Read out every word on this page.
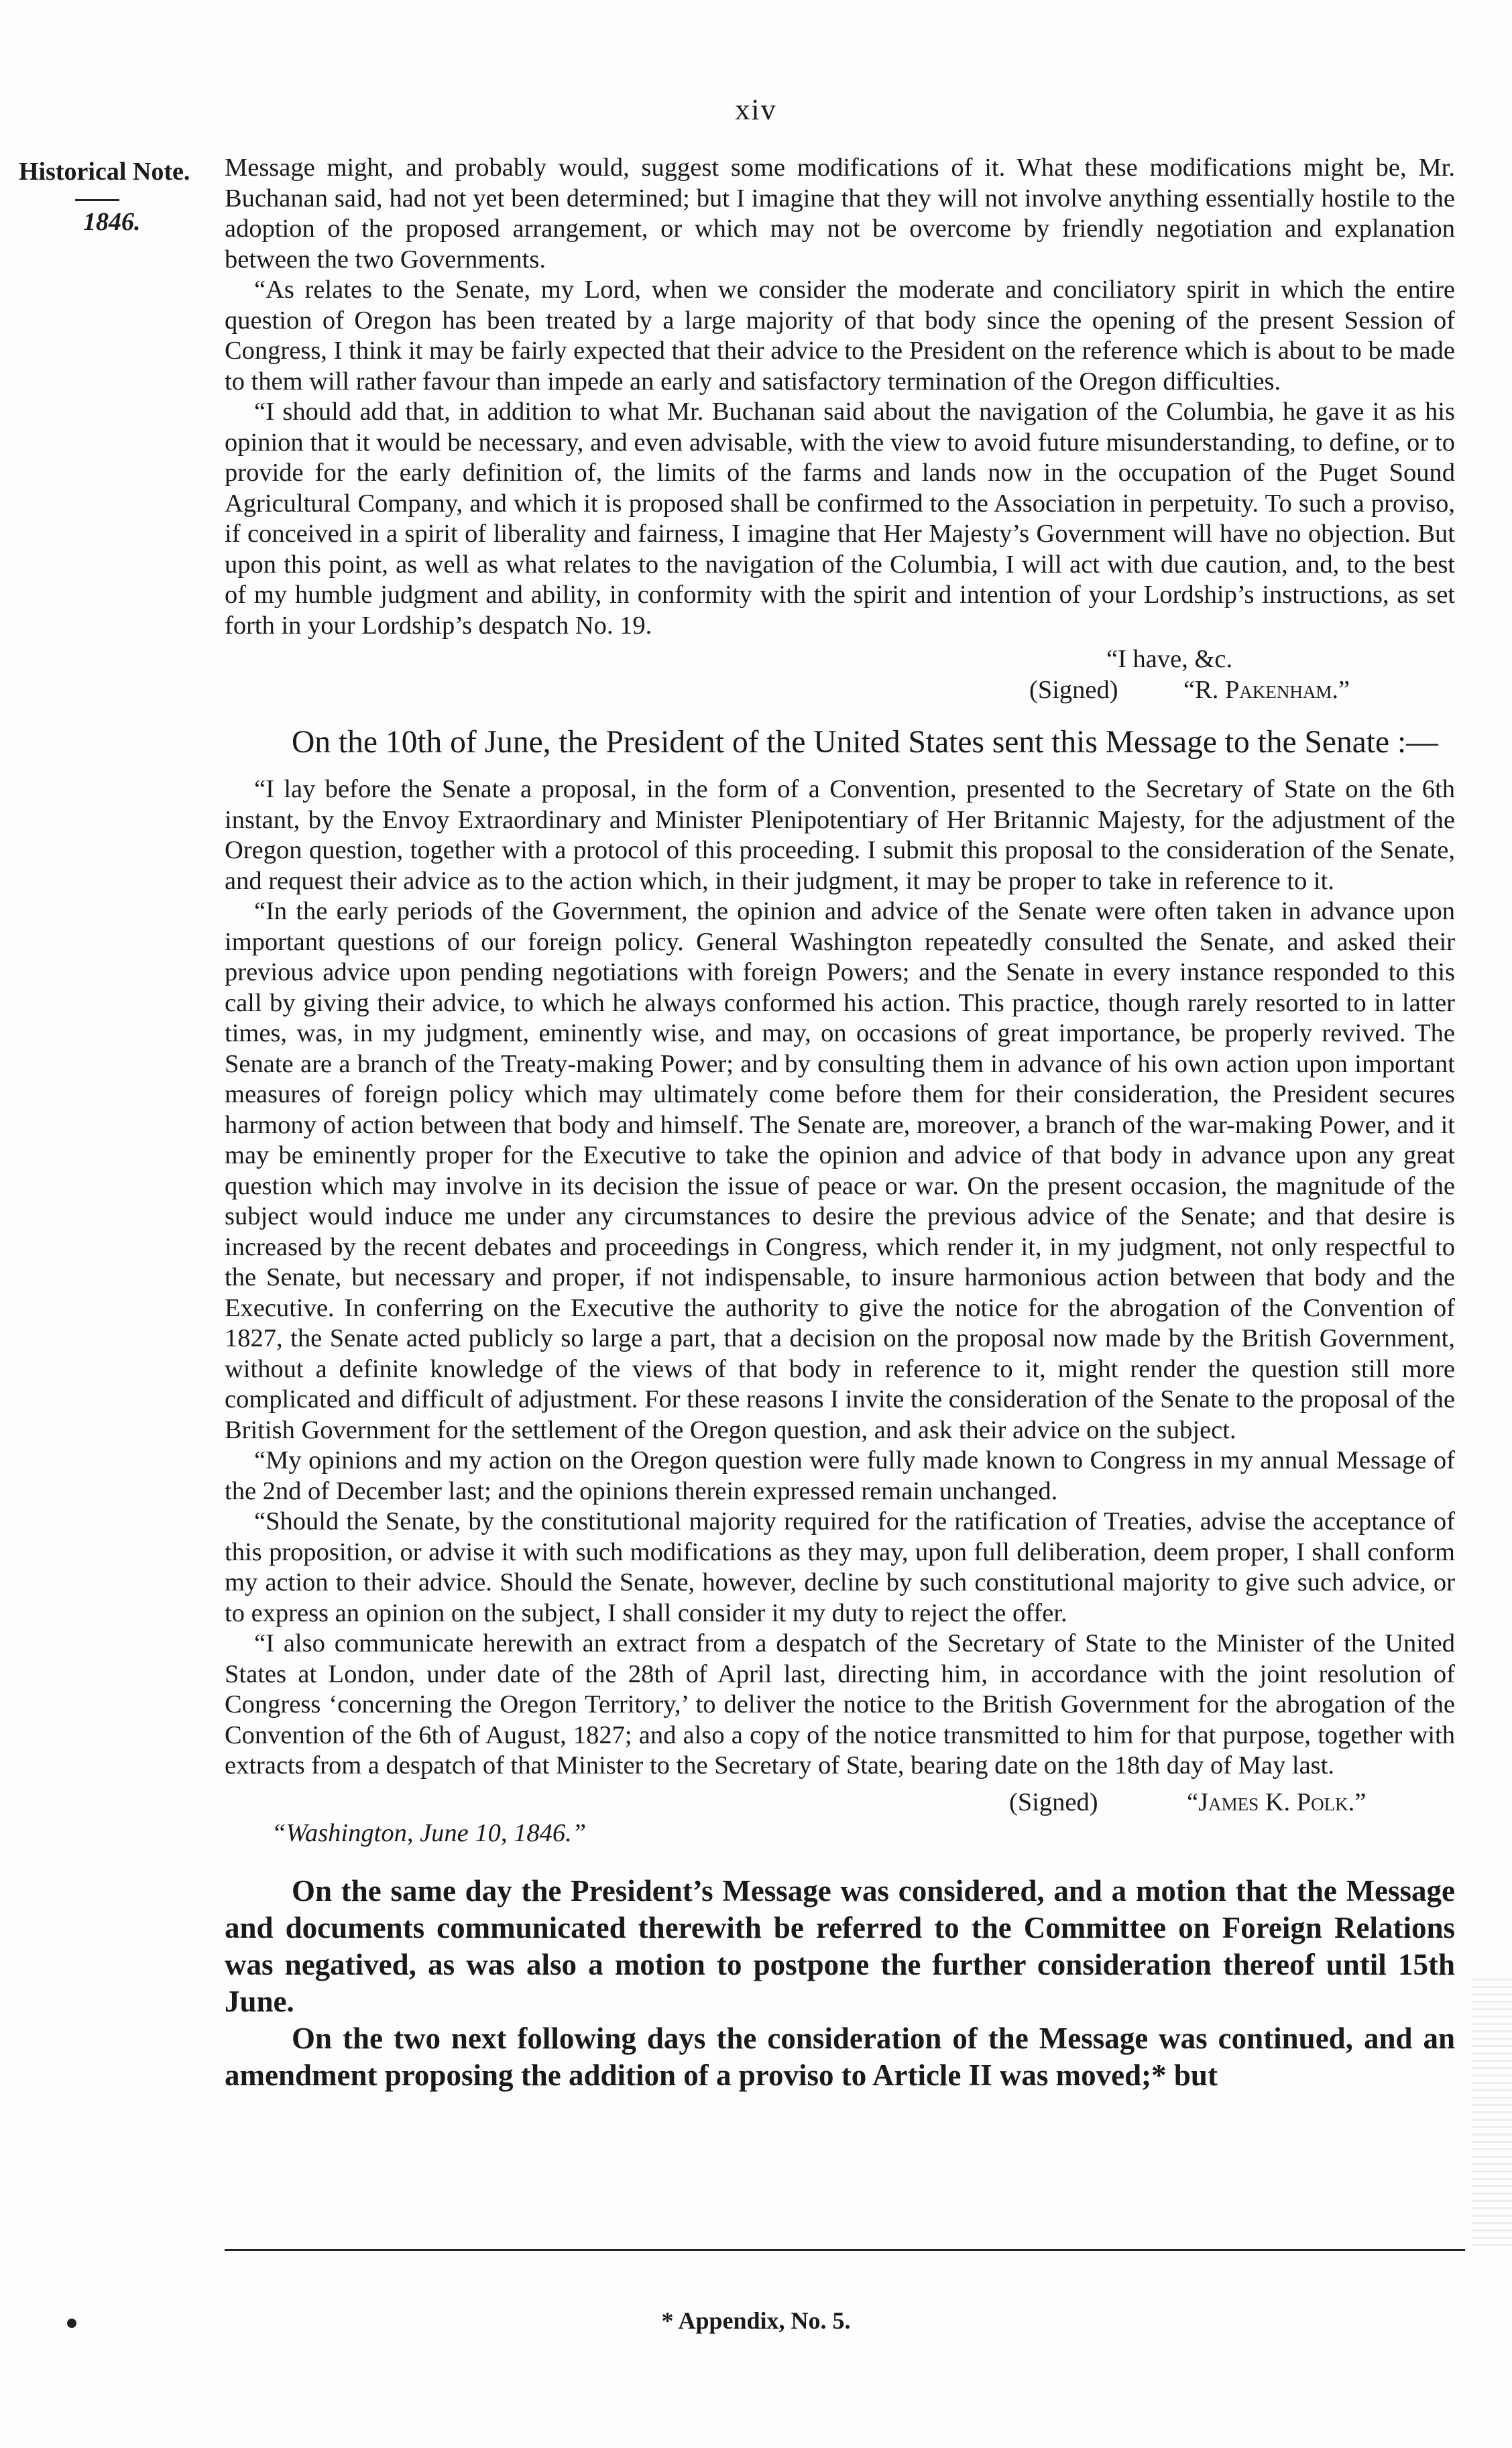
xiv
Historical Note.
1846.

Message might, and probably would, suggest some modifications of it. What these modifications might be, Mr. Buchanan said, had not yet been determined; but I imagine that they will not involve anything essentially hostile to the adoption of the proposed arrangement, or which may not be overcome by friendly negotiation and explanation between the two Governments.

“As relates to the Senate, my Lord, when we consider the moderate and conciliatory spirit in which the entire question of Oregon has been treated by a large majority of that body since the opening of the present Session of Congress, I think it may be fairly expected that their advice to the President on the reference which is about to be made to them will rather favour than impede an early and satisfactory termination of the Oregon difficulties.

“I should add that, in addition to what Mr. Buchanan said about the navigation of the Columbia, he gave it as his opinion that it would be necessary, and even advisable, with the view to avoid future misunderstanding, to define, or to provide for the early definition of, the limits of the farms and lands now in the occupation of the Puget Sound Agricultural Company, and which it is proposed shall be confirmed to the Association in perpetuity. To such a proviso, if conceived in a spirit of liberality and fairness, I imagine that Her Majesty’s Government will have no objection. But upon this point, as well as what relates to the navigation of the Columbia, I will act with due caution, and, to the best of my humble judgment and ability, in conformity with the spirit and intention of your Lordship’s instructions, as set forth in your Lordship’s despatch No. 19.

“I have, &c.
(Signed)	“R. Pakenham.”

On the 10th of June, the President of the United States sent this Message to the Senate :—

“I lay before the Senate a proposal, in the form of a Convention, presented to the Secretary of State on the 6th instant, by the Envoy Extraordinary and Minister Plenipotentiary of Her Britannic Majesty, for the adjustment of the Oregon question, together with a protocol of this proceeding. I submit this proposal to the consideration of the Senate, and request their advice as to the action which, in their judgment, it may be proper to take in reference to it.

“In the early periods of the Government, the opinion and advice of the Senate were often taken in advance upon important questions of our foreign policy. General Washington repeatedly consulted the Senate, and asked their previous advice upon pending negotiations with foreign Powers; and the Senate in every instance responded to this call by giving their advice, to which he always conformed his action. This practice, though rarely resorted to in latter times, was, in my judgment, eminently wise, and may, on occasions of great importance, be properly revived. The Senate are a branch of the Treaty-making Power; and by consulting them in advance of his own action upon important measures of foreign policy which may ultimately come before them for their consideration, the President secures harmony of action between that body and himself. The Senate are, moreover, a branch of the war-making Power, and it may be eminently proper for the Executive to take the opinion and advice of that body in advance upon any great question which may involve in its decision the issue of peace or war. On the present occasion, the magnitude of the subject would induce me under any circumstances to desire the previous advice of the Senate; and that desire is increased by the recent debates and proceedings in Congress, which render it, in my judgment, not only respectful to the Senate, but necessary and proper, if not indispensable, to insure harmonious action between that body and the Executive. In conferring on the Executive the authority to give the notice for the abrogation of the Convention of 1827, the Senate acted publicly so large a part, that a decision on the proposal now made by the British Government, without a definite knowledge of the views of that body in reference to it, might render the question still more complicated and difficult of adjustment. For these reasons I invite the consideration of the Senate to the proposal of the British Government for the settlement of the Oregon question, and ask their advice on the subject.

“My opinions and my action on the Oregon question were fully made known to Congress in my annual Message of the 2nd of December last; and the opinions therein expressed remain unchanged.

“Should the Senate, by the constitutional majority required for the ratification of Treaties, advise the acceptance of this proposition, or advise it with such modifications as they may, upon full deliberation, deem proper, I shall conform my action to their advice. Should the Senate, however, decline by such constitutional majority to give such advice, or to express an opinion on the subject, I shall consider it my duty to reject the offer.

“I also communicate herewith an extract from a despatch of the Secretary of State to the Minister of the United States at London, under date of the 28th of April last, directing him, in accordance with the joint resolution of Congress ‘concerning the Oregon Territory,’ to deliver the notice to the British Government for the abrogation of the Convention of the 6th of August, 1827; and also a copy of the notice transmitted to him for that purpose, together with extracts from a despatch of that Minister to the Secretary of State, bearing date on the 18th day of May last.

(Signed)	“James K. Polk.”
“Washington, June 10, 1846.”

On the same day the President’s Message was considered, and a motion that the Message and documents communicated therewith be referred to the Committee on Foreign Relations was negatived, as was also a motion to postpone the further consideration thereof until 15th June.

On the two next following days the consideration of the Message was continued, and an amendment proposing the addition of a proviso to Article II was moved;* but

* Appendix, No. 5.
